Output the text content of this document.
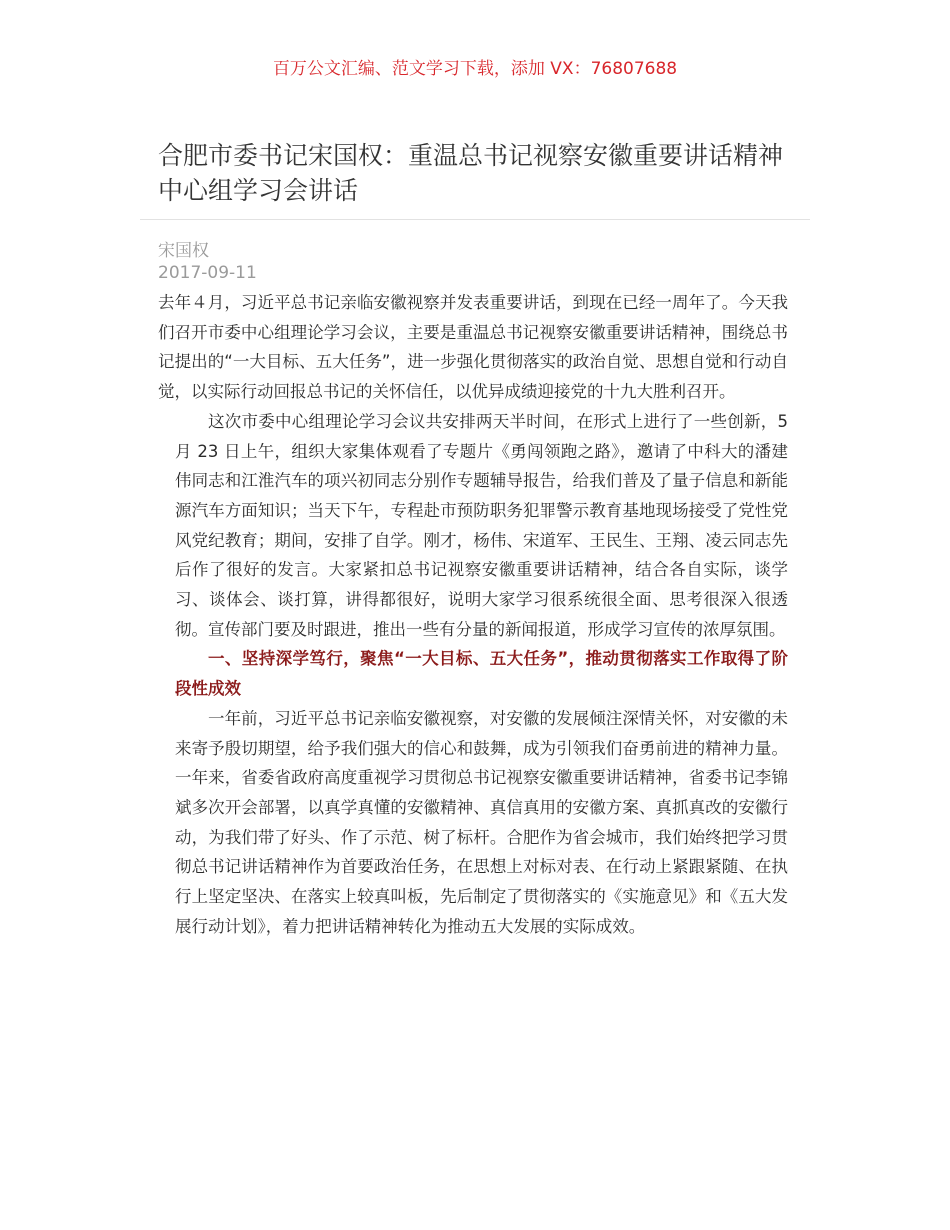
百万公文汇编、范文学习下载，添加 VX：76807688
合肥市委书记宋国权：重温总书记视察安徽重要讲话精神中心组学习会讲话
宋国权
2017-09-11

去年４月，习近平总书记亲临安徽视察并发表重要讲话，到现在已经一周年了。今天我们召开市委中心组理论学习会议，主要是重温总书记视察安徽重要讲话精神，围绕总书记提出的“一大目标、五大任务”，进一步强化贯彻落实的政治自觉、思想自觉和行动自觉，以实际行动回报总书记的关怀信任，以优异成绩迎接党的十九大胜利召开。

这次市委中心组理论学习会议共安排两天半时间，在形式上进行了一些创新，5 月 23 日上午，组织大家集体观看了专题片《勇闯领跑之路》，邀请了中科大的潘建伟同志和江淮汽车的项兴初同志分别作专题辅导报告，给我们普及了量子信息和新能源汽车方面知识；当天下午，专程赴市预防职务犯罪警示教育基地现场接受了党性党风党纪教育；期间，安排了自学。刚才，杨伟、宋道军、王民生、王翔、凌云同志先后作了很好的发言。大家紧扣总书记视察安徽重要讲话精神，结合各自实际，谈学习、谈体会、谈打算，讲得都很好，说明大家学习很系统很全面、思考很深入很透彻。宣传部门要及时跟进，推出一些有分量的新闻报道，形成学习宣传的浓厚氛围。

一、坚持深学笃行，聚焦“一大目标、五大任务”，推动贯彻落实工作取得了阶段性成效

一年前，习近平总书记亲临安徽视察，对安徽的发展倾注深情关怀，对安徽的未来寄予殷切期望，给予我们强大的信心和鼓舞，成为引领我们奋勇前进的精神力量。一年来，省委省政府高度重视学习贯彻总书记视察安徽重要讲话精神，省委书记李锦斌多次开会部署，以真学真懂的安徽精神、真信真用的安徽方案、真抓真改的安徽行动，为我们带了好头、作了示范、树了标杆。合肥作为省会城市，我们始终把学习贯彻总书记讲话精神作为首要政治任务，在思想上对标对表、在行动上紧跟紧随、在执行上坚定坚决、在落实上较真叫板，先后制定了贯彻落实的《实施意见》和《五大发展行动计划》，着力把讲话精神转化为推动五大发展的实际成效。
